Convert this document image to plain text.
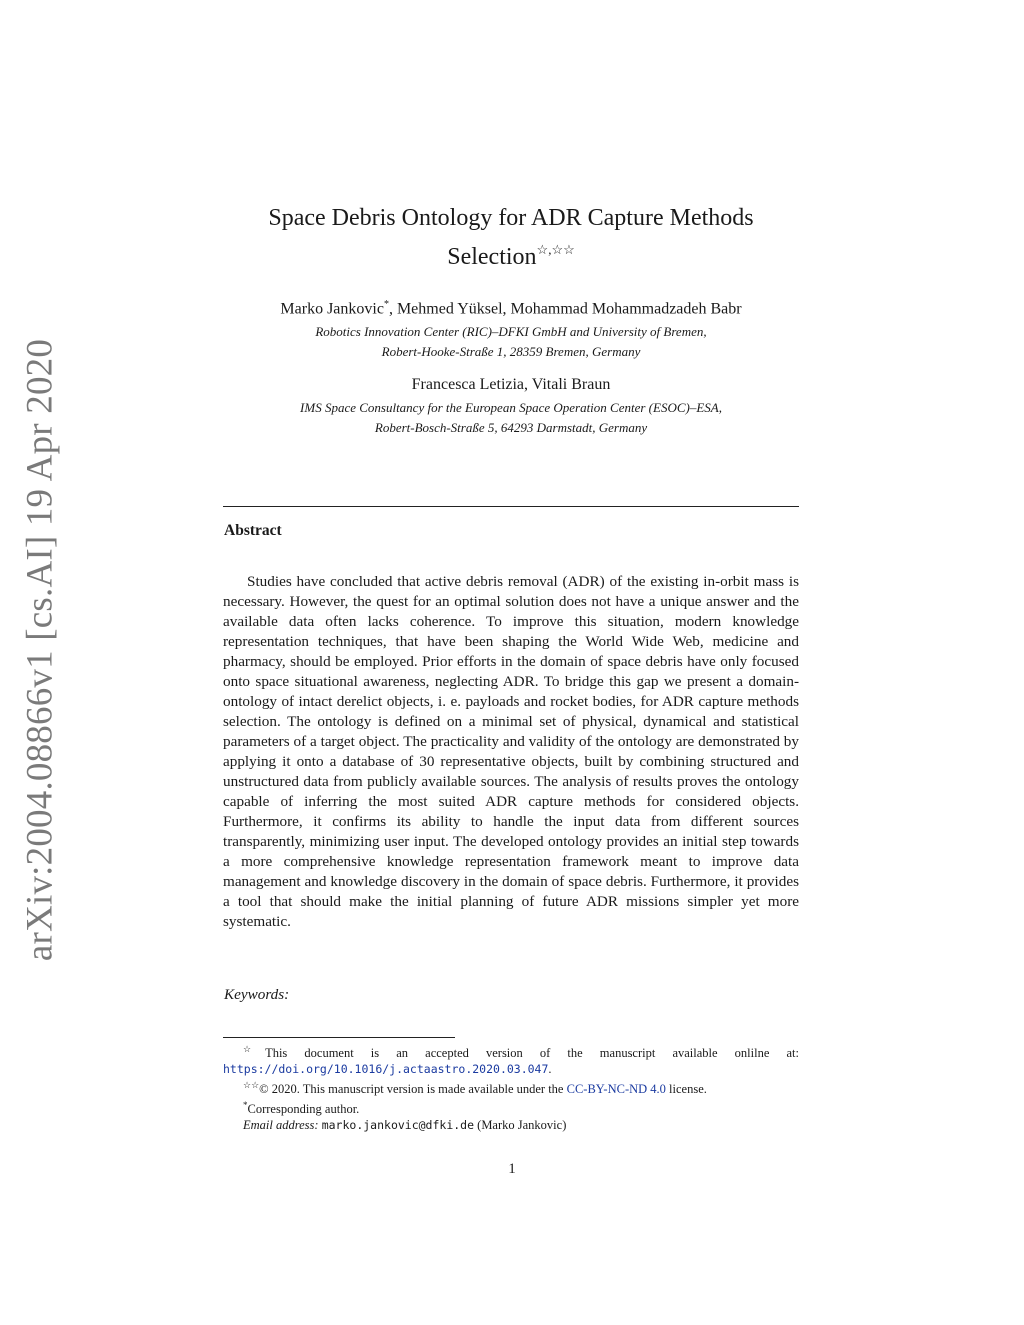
arXiv:2004.08866v1 [cs.AI] 19 Apr 2020
Space Debris Ontology for ADR Capture Methods
Selection☆,☆☆
Marko Jankovic*, Mehmed Yüksel, Mohammad Mohammadzadeh Babr
Robotics Innovation Center (RIC)–DFKI GmbH and University of Bremen,
Robert-Hooke-Straße 1, 28359 Bremen, Germany
Francesca Letizia, Vitali Braun
IMS Space Consultancy for the European Space Operation Center (ESOC)–ESA,
Robert-Bosch-Straße 5, 64293 Darmstadt, Germany
Abstract

Studies have concluded that active debris removal (ADR) of the existing in-orbit mass is necessary. However, the quest for an optimal solution does not have a unique answer and the available data often lacks coherence. To improve this situation, modern knowledge representation techniques, that have been shaping the World Wide Web, medicine and pharmacy, should be employed. Prior efforts in the domain of space debris have only focused onto space situational awareness, neglecting ADR. To bridge this gap we present a domain-ontology of intact derelict objects, i. e. payloads and rocket bodies, for ADR capture methods selection. The ontology is defined on a minimal set of physical, dynamical and statistical parameters of a target object. The practicality and validity of the ontology are demonstrated by applying it onto a database of 30 representative objects, built by combining structured and unstructured data from publicly available sources. The analysis of results proves the ontology capable of inferring the most suited ADR capture methods for considered objects. Furthermore, it confirms its ability to handle the input data from different sources transparently, minimizing user input. The developed ontology provides an initial step towards a more comprehensive knowledge representation framework meant to improve data management and knowledge discovery in the domain of space debris. Furthermore, it provides a tool that should make the initial planning of future ADR missions simpler yet more systematic.

Keywords:

☆This document is an accepted version of the manuscript available onlilne at: https://doi.org/10.1016/j.actaastro.2020.03.047.

☆☆© 2020. This manuscript version is made available under the CC-BY-NC-ND 4.0 license.

*Corresponding author.

Email address: marko.jankovic@dfki.de (Marko Jankovic)

1
